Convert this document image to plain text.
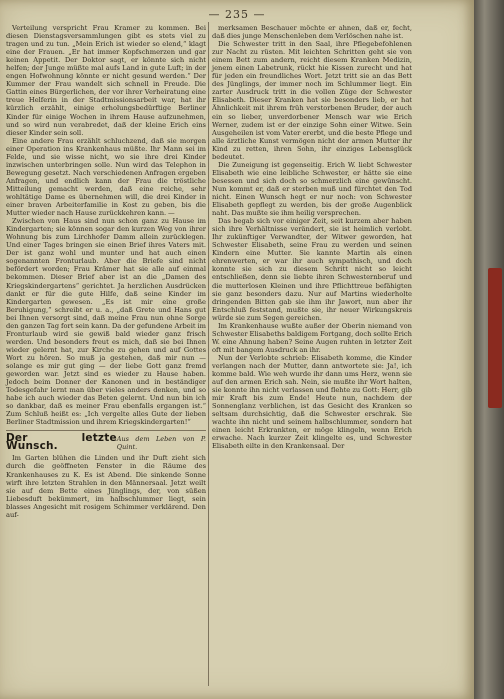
— 235 —

Verteilung verspricht Frau Kramer zu kommen. Bei diesen Dienstagsversammlungen gibt es stets viel zu tragen und zu tun. „Mein Erich ist wieder so elend,“ klagt eine der Frauen. „Er hat immer Kopfschmerzen und gar keinen Appetit. Der Doktor sagt, er könnte sich nicht helfen; der Junge müßte mal aufs Land in gute Luft; in der engen Hofwohnung könnte er nicht gesund werden.“ Der Kummer der Frau wandelt sich schnell in Freude. Die Gattin eines Bürgerlichen, der vor ihrer Verheiratung eine treue Helferin in der Stadtmissionsarbeit war, hat ihr kürzlich erzählt, einige erholungsbedürftige Berliner Kinder für einige Wochen in ihrem Hause aufzunehmen, und so wird nun verabredet, daß der kleine Erich eins dieser Kinder sein soll.

Eine andere Frau erzählt schluchzend, daß sie morgen einer Operation ins Krankenhaus müßte. Ihr Mann sei im Felde, und sie wisse nicht, wo sie ihre drei Kinder inzwischen unterbringen solle. Nun wird das Telephon in Bewegung gesetzt. Nach verschiedenen Anfragen ergeben Anfragen, und endlich kann der Frau die tröstliche Mitteilung gemacht werden, daß eine reiche, sehr wohltätige Dame es übernehmen will, die drei Kinder in einer braven Arbeiterfamilie in Kost zu geben, bis die Mutter wieder nach Hause zurückkehren kann. —

Zwischen von Haus sind nun schon ganz zu Hause im Kindergarten; sie können sogar den kurzen Weg von ihrer Wohnung bis zum Lirchhofer Damm allein zurücklegen. Und einer Tages bringen sie einen Brief ihres Vaters mit. Der ist ganz wohl und munter und hat auch einen sogenannten Fronturlaub. Aber die Briefe sind nicht befördert worden; Frau Krämer hat sie alle auf einmal bekommen. Dieser Brief aber ist an die „Damen des Kriegskindergartens“ gerichtet. Ja herzlichen Ausdrücken dankt er für die gute Hilfe, daß seine Kinder im Kindergarten gewesen. „Es ist mir eine große Beruhigung,“ schreibt er u. a., „daß Grete und Hans gut bei Ihnen versorgt sind, daß meine Frau nun ohne Sorge den ganzen Tag fort sein kann. Da der gefundene Arbeit im Fronturlaub wird sie gewiß bald wieder ganz frisch werden. Und besonders freut es mich, daß sie bei Ihnen wieder gelernt hat, zur Kirche zu gehen und auf Gottes Wort zu hören. So muß ja gestehen, daß mir nun — solange es mir gut ging — der liebe Gott ganz fremd geworden war. Jetzt sind es wieder zu Hause haben. Jedoch beim Donner der Kanonen und in beständiger Todesgefahr lernt man über vieles anders denken, und so habe ich auch wieder das Beten gelernt. Und nun bin ich so dankbar, daß es meiner Frau ebenfalls ergangen ist.“ Zum Schluß heißt es: „Ich vergelte alles Gute der lieben Berliner Stadtmission und ihrem Kriegskindergarten!“

Der letzte Wunsch.
Aus dem Leben von P. Quint.

Im Garten blühen die Linden und ihr Duft zieht sich durch die geöffneten Fenster in die Räume des Krankenhauses zu K. Es ist Abend. Die sinkende Sonne wirft ihre letzten Strahlen in den Männersaal. Jetzt weilt sie auf dem Bette eines Jünglings, der, von süßen Liebesduft bekümmert, im halbschlummer liegt, sein blasses Angesicht mit rosigem Schimmer verklärend. Den auf-

merksamen Beschauer möchte er ahnen, daß er, fecht, daß dies junge Menschenleben dem Verlöschen nahe ist.

Die Schwester tritt in den Saal, ihre Pflegebefohlenen zur Nacht zu rüsten. Mit leichten Schritten geht sie von einem Bett zum andern, reicht diesem Kranken Medizin, jenem einen Labetrunk, rückt hie Kissen zurecht und hat für jeden ein freundliches Wort. Jetzt tritt sie an das Bett des Jünglings, der immer noch im Schlummer liegt. Ein zarter Ausdruck tritt in die vollen Züge der Schwester Elisabeth. Dieser Kranken hat sie besonders lieb, er hat Ähnlichkeit mit ihrem früh verstorbenen Bruder, der auch ein so lieber, unverdorbener Mensch war wie Erich Werner, zudem ist er der einzige Sohn einer Witwe. Sein Ausgeheilen ist vom Vater ererbt, und die beste Pflege und alle ärztliche Kunst vermögen nicht der armen Mutter ihr Kind zu retten, ihren Sohn, ihr einziges Lebensglück bedeutet.

Die Zuneigung ist gegenseitig. Erich W. liebt Schwester Elisabeth wie eine leibliche Schwester, er hätte sie eine besessen und sich doch so schmerzlich eine gewünscht. Nun kommt er, daß er sterben muß und fürchtet den Tod nicht. Einen Wunsch hegt er nur noch: von Schwester Elisabeth gepflegt zu werden, bis der große Augenblick naht. Das mußte sie ihm heilig versprechen.

Das begab sich vor einiger Zeit, seit kurzem aber haben sich ihre Verhältnisse verändert, sie ist heimlich verlobt. Ihr zukünftiger Verwandter, der Witwer geworden, hat Schwester Elisabeth, seine Frau zu werden und seinen Kindern eine Mutter. Sie kannte Martin als einen ehrenwerten, er war ihr auch sympathisch, und doch konnte sie sich zu diesem Schritt nicht so leicht entschließen, denn sie liebte ihren Schwesternberuf und die mutterlosen Kleinen und ihre Pflichttreue befähigten sie ganz besonders dazu. Nur auf Martins wiederholte dringenden Bitten gab sie ihm ihr Jawort, nun aber ihr Entschluß feststand, mußte sie, ihr neuer Wirkungskreis würde sie zum Segen gereichen.

Im Krankenhause wußte außer der Oberin niemand von Schwester Elisabeths baldigem Fortgang, doch sollte Erich W. eine Ahnung haben? Seine Augen ruhten in letzter Zeit oft mit bangem Ausdruck an ihr.

Nun der Verlobte schrieb: Elisabeth komme, die Kinder verlangen nach der Mutter, dann antwortete sie: Ja!, ich komme bald. Wie weh wurde ihr dann ums Herz, wenn sie auf den armen Erich sah. Nein, sie mußte ihr Wort halten, sie konnte ihn nicht verlassen und flehte zu Gott: Herr, gib mir Kraft bis zum Ende! Heute nun, nachdem der Sonnenglanz verblichen, ist das Gesicht des Kranken so seltsam durchsichtig, daß die Schwester erschrak. Sie wachte ihn nicht und seinem halbschlummer, sondern hat einen leicht Erkrankten, er möge klingeln, wenn Erich erwache. Nach kurzer Zeit klingelte es, und Schwester Elisabeth eilte in den Krankensaal. Der
